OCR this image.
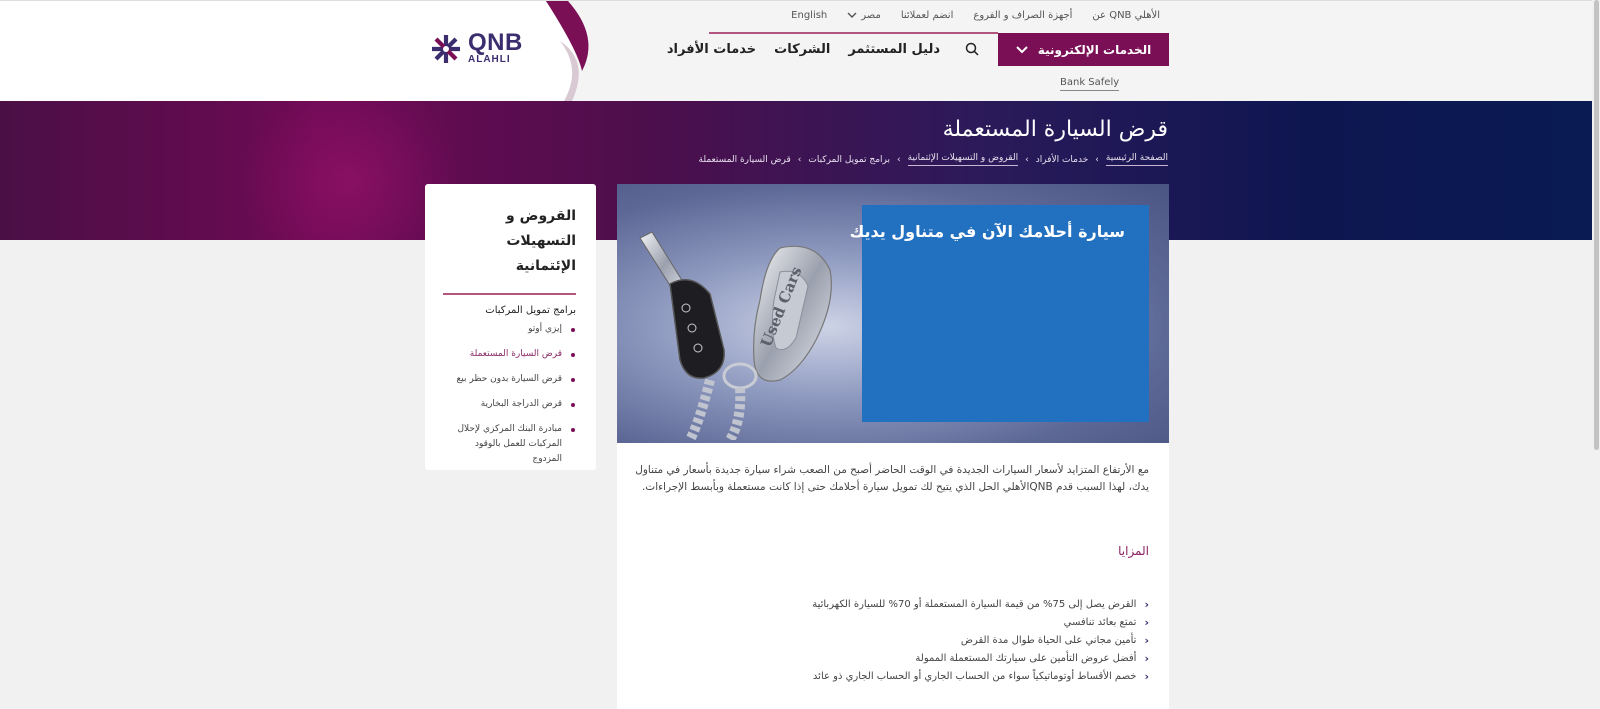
QNB
ALAHLI
عن QNB الأهلي
أجهزة الصراف و الفروع
انضم لعملائنا
مصر
English
الخدمات الإلكترونية
خدمات الأفراد الشركات دليل المستثمر
Bank Safely
قرض السيارة المستعملة
الصفحة الرئيسية
‹
خدمات الأفراد
‹
القروض و التسهيلات الإئتمانية
‹
برامج تمويل المركبات
‹
قرض السيارة المستعملة
القروض و التسهيلات الإئتمانية
برامج تمويل المركبات
إيزي أوتو
قرض السيارة المستعملة
قرض السيارة بدون حظر بيع
قرض الدراجة البخارية
مبادرة البنك المركزي لإحلال المركبات للعمل بالوقود المزدوج
Used Cars
سيارة أحلامك الآن في متناول يديك
مع الأرتفاع المتزايد لأسعار السيارات الجديدة في الوقت الحاضر أصبح من الصعب شراء سيارة جديدة بأسعار في متناول يدك، لهذا السبب قدم QNBالأهلي الحل الذي يتيح لك تمويل سيارة أحلامك حتى إذا كانت مستعملة وبأبسط الإجراءات.
المزايا
‹
القرض يصل إلى 75% من قيمة السيارة المستعملة أو 70% للسيارة الكهربائية
‹
تمتع بعائد تنافسي
‹
تأمين مجاني على الحياة طوال مدة القرض
‹
أفضل عروض التأمين على سيارتك المستعملة الممولة
‹
خصم الأقساط أوتوماتيكياً سواء من الحساب الجاري أو الحساب الجاري ذو عائد
